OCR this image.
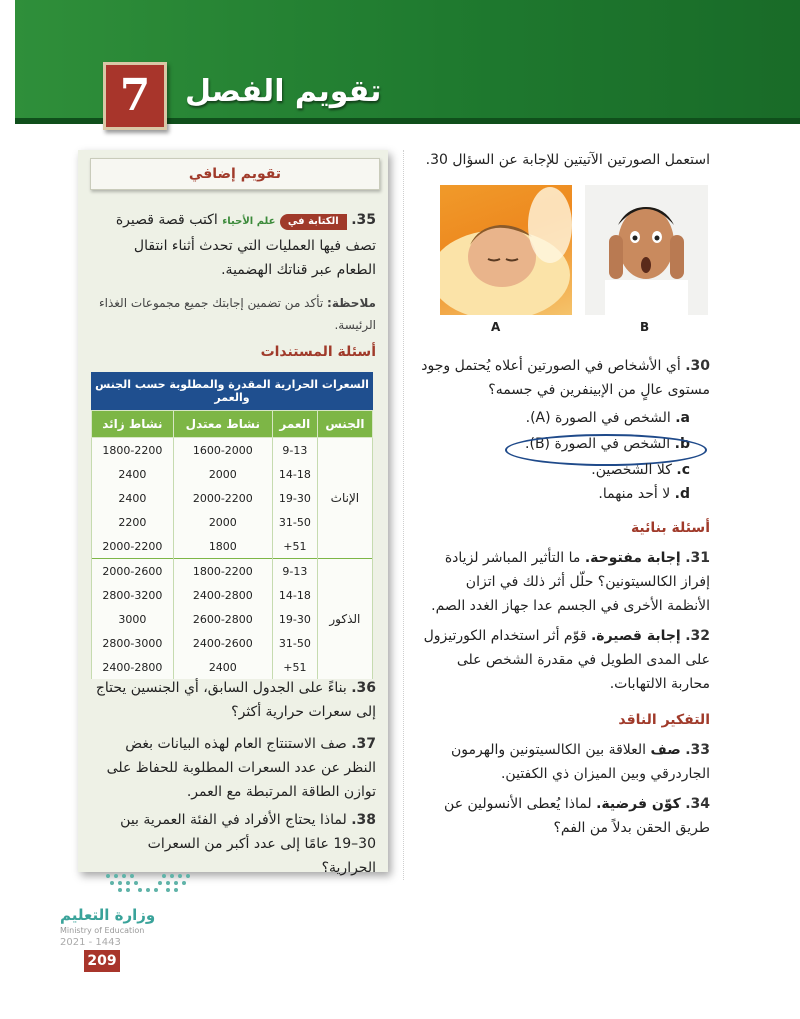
7	تقويم الفصل
تقويم إضافي
35. الكتابة في علم الأحياء اكتب قصة قصيرة تصف فيها العمليات التي تحدث أثناء انتقال الطعام عبر قناتك الهضمية.
ملاحظة: تأكد من تضمين إجابتك جميع مجموعات الغذاء الرئيسة.
أسئلة المستندات
السعرات الحرارية المقدرة والمطلوبة حسب الجنس والعمر
الجنس	العمر	نشاط معتدل	نشاط زائد
الإناث	9-13	1600-2000	1800-2200
	14-18	2000	2400
	19-30	2000-2200	2400
	31-50	2000	2200
	51+	1800	2000-2200
الذكور	9-13	1800-2200	2000-2600
	14-18	2400-2800	2800-3200
	19-30	2600-2800	3000
	31-50	2400-2600	2800-3000
	51+	2400	2400-2800
36. بناءً على الجدول السابق، أي الجنسين يحتاج إلى سعرات حرارية أكثر؟
37. صف الاستنتاج العام لهذه البيانات بغض النظر عن عدد السعرات المطلوبة للحفاظ على توازن الطاقة المرتبطة مع العمر.
38. لماذا يحتاج الأفراد في الفئة العمرية بين 30–19 عامًا إلى عدد أكبر من السعرات الحرارية؟
وزارة التعليم
Ministry of Education
2021 - 1443
209
استعمل الصورتين الآتيتين للإجابة عن السؤال 30.
A	B
30. أي الأشخاص في الصورتين أعلاه يُحتمل وجود مستوى عالٍ من الإبينفرين في جسمه؟
a. الشخص في الصورة (A).
b. الشخص في الصورة (B).
c. كلا الشخصين.
d. لا أحد منهما.
أسئلة بنائية
31. إجابة مفتوحة. ما التأثير المباشر لزيادة إفراز الكالسيتونين؟ حلّل أثر ذلك في اتزان الأنظمة الأخرى في الجسم عدا جهاز الغدد الصم.
32. إجابة قصيرة. قوّم أثر استخدام الكورتيزول على المدى الطويل في مقدرة الشخص على محاربة الالتهابات.
التفكير الناقد
33. صف العلاقة بين الكالسيتونين والهرمون الجاردرقي وبين الميزان ذي الكفتين.
34. كوّن فرضية. لماذا يُعطى الأنسولين عن طريق الحقن بدلاً من الفم؟
